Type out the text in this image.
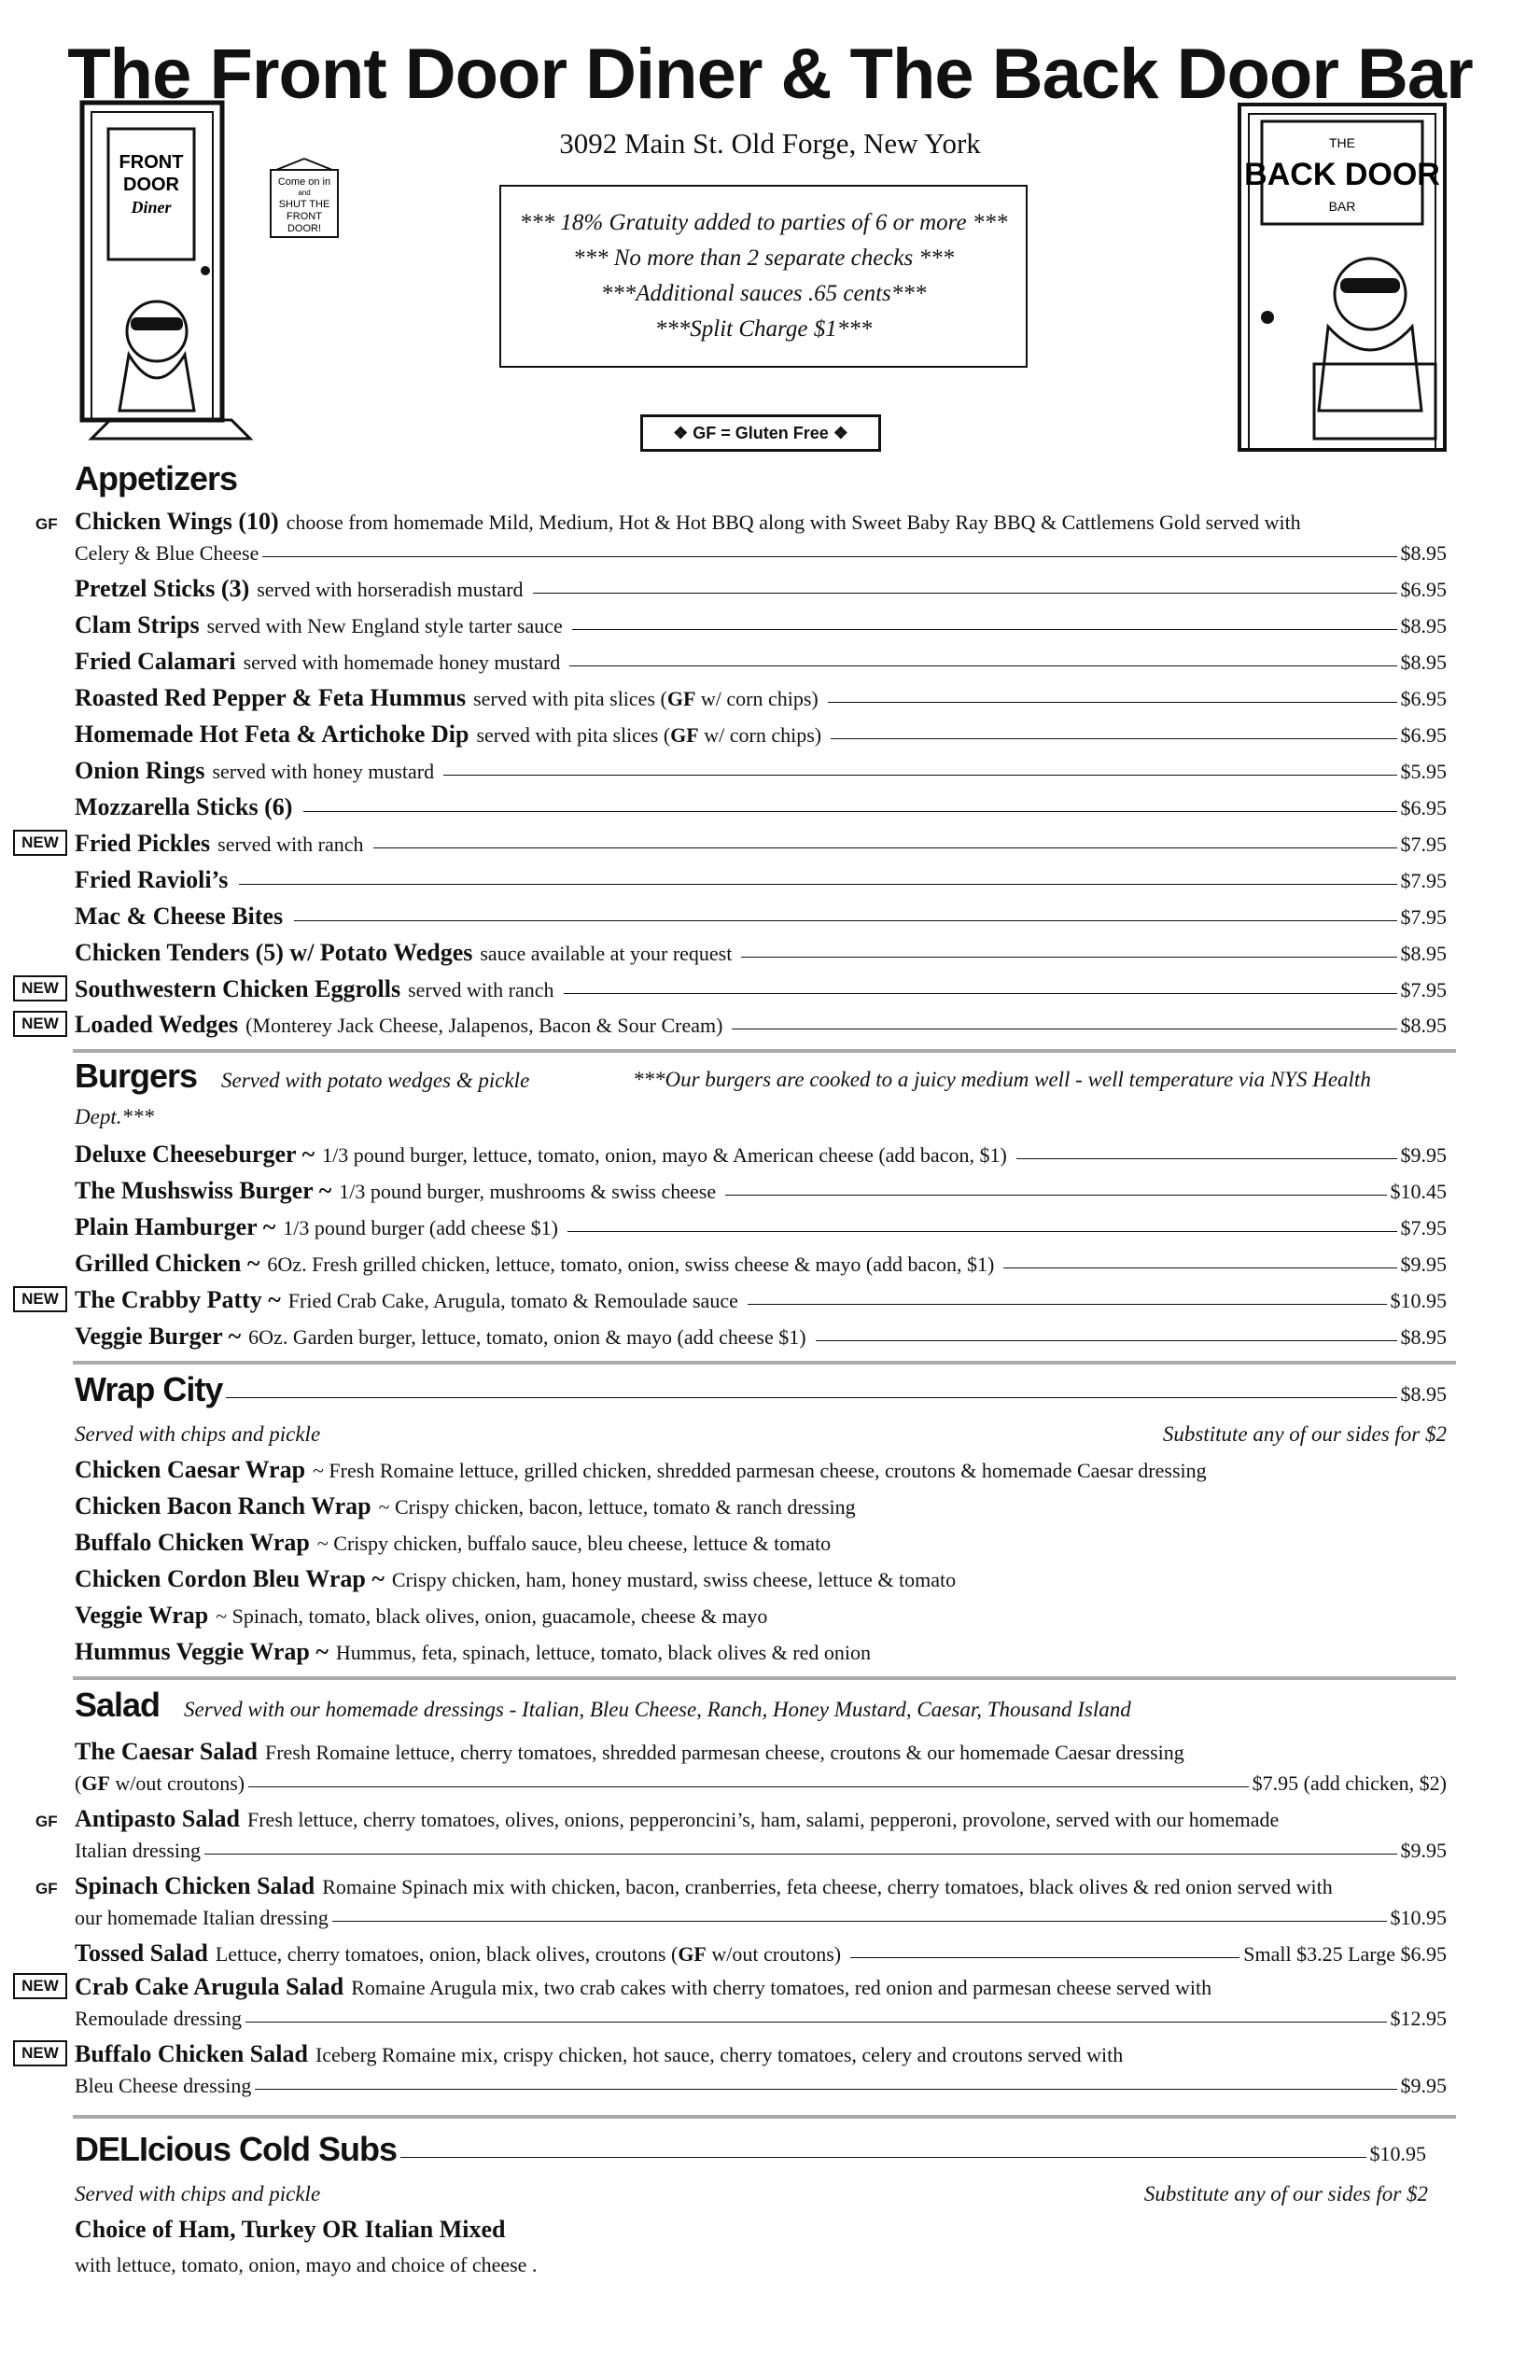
The Front Door Diner & The Back Door Bar
3092 Main St. Old Forge, New York
*** 18% Gratuity added to parties of 6 or more ***
*** No more than 2 separate checks ***
***Additional sauces .65 cents***
***Split Charge $1***
❖ GF = Gluten Free ❖
FRONT
DOOR
Diner
Come on in
and
SHUT THE
FRONT
DOOR!
THE
BACK DOOR
BAR
Appetizers
GF Chicken Wings (10) choose from homemade Mild, Medium, Hot & Hot BBQ along with Sweet Baby Ray BBQ & Cattlemens Gold served with
Celery & Blue Cheese	$8.95
Pretzel Sticks (3) served with horseradish mustard	$6.95
Clam Strips served with New England style tarter sauce	$8.95
Fried Calamari served with homemade honey mustard	$8.95
Roasted Red Pepper & Feta Hummus served with pita slices (GF w/ corn chips)	$6.95
Homemade Hot Feta & Artichoke Dip served with pita slices (GF w/ corn chips)	$6.95
Onion Rings served with honey mustard	$5.95
Mozzarella Sticks (6)	$6.95
NEW Fried Pickles served with ranch	$7.95
Fried Ravioli’s	$7.95
Mac & Cheese Bites	$7.95
Chicken Tenders (5) w/ Potato Wedges sauce available at your request	$8.95
NEW Southwestern Chicken Eggrolls served with ranch	$7.95
NEW Loaded Wedges (Monterey Jack Cheese, Jalapenos, Bacon & Sour Cream)	$8.95
Burgers Served with potato wedges & pickle	***Our burgers are cooked to a juicy medium well - well temperature via NYS Health
Dept.***
Deluxe Cheeseburger ~ 1/3 pound burger, lettuce, tomato, onion, mayo & American cheese (add bacon, $1)	$9.95
The Mushswiss Burger ~ 1/3 pound burger, mushrooms & swiss cheese	$10.45
Plain Hamburger ~ 1/3 pound burger (add cheese $1)	$7.95
Grilled Chicken ~ 6Oz. Fresh grilled chicken, lettuce, tomato, onion, swiss cheese & mayo (add bacon, $1)	$9.95
NEW The Crabby Patty ~ Fried Crab Cake, Arugula, tomato & Remoulade sauce	$10.95
Veggie Burger ~ 6Oz. Garden burger, lettuce, tomato, onion & mayo (add cheese $1)	$8.95
Wrap City	$8.95
Served with chips and pickle	Substitute any of our sides for $2
Chicken Caesar Wrap ~ Fresh Romaine lettuce, grilled chicken, shredded parmesan cheese, croutons & homemade Caesar dressing
Chicken Bacon Ranch Wrap ~ Crispy chicken, bacon, lettuce, tomato & ranch dressing
Buffalo Chicken Wrap ~ Crispy chicken, buffalo sauce, bleu cheese, lettuce & tomato
Chicken Cordon Bleu Wrap ~ Crispy chicken, ham, honey mustard, swiss cheese, lettuce & tomato
Veggie Wrap ~ Spinach, tomato, black olives, onion, guacamole, cheese & mayo
Hummus Veggie Wrap ~ Hummus, feta, spinach, lettuce, tomato, black olives & red onion
Salad Served with our homemade dressings - Italian, Bleu Cheese, Ranch, Honey Mustard, Caesar, Thousand Island
The Caesar Salad Fresh Romaine lettuce, cherry tomatoes, shredded parmesan cheese, croutons & our homemade Caesar dressing
(GF w/out croutons)	$7.95 (add chicken, $2)
GF Antipasto Salad Fresh lettuce, cherry tomatoes, olives, onions, pepperoncini’s, ham, salami, pepperoni, provolone, served with our homemade
Italian dressing	$9.95
GF Spinach Chicken Salad Romaine Spinach mix with chicken, bacon, cranberries, feta cheese, cherry tomatoes, black olives & red onion served with
our homemade Italian dressing	$10.95
Tossed Salad Lettuce, cherry tomatoes, onion, black olives, croutons (GF w/out croutons)	Small $3.25 Large $6.95
NEW Crab Cake Arugula Salad Romaine Arugula mix, two crab cakes with cherry tomatoes, red onion and parmesan cheese served with
Remoulade dressing	$12.95
NEW Buffalo Chicken Salad Iceberg Romaine mix, crispy chicken, hot sauce, cherry tomatoes, celery and croutons served with
Bleu Cheese dressing	$9.95
DELIcious Cold Subs	$10.95
Served with chips and pickle	Substitute any of our sides for $2
Choice of Ham, Turkey OR Italian Mixed
with lettuce, tomato, onion, mayo and choice of cheese .
